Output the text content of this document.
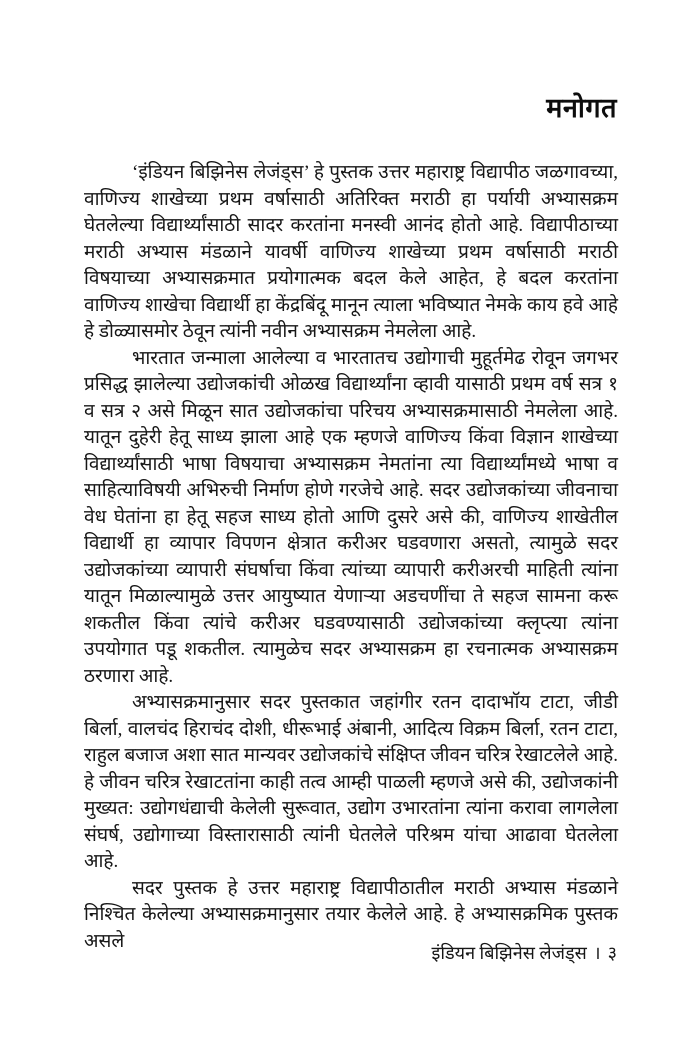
मनोगत

‘इंडियन बिझिनेस लेजंड्स’ हे पुस्तक उत्तर महाराष्ट्र विद्यापीठ जळगावच्या, वाणिज्य शाखेच्या प्रथम वर्षासाठी अतिरिक्त मराठी हा पर्यायी अभ्यासक्रम घेतलेल्या विद्यार्थ्यांसाठी सादर करतांना मनस्वी आनंद होतो आहे. विद्यापीठाच्या मराठी अभ्यास मंडळाने यावर्षी वाणिज्य शाखेच्या प्रथम वर्षासाठी मराठी विषयाच्या अभ्यासक्रमात प्रयोगात्मक बदल केले आहेत, हे बदल करतांना वाणिज्य शाखेचा विद्यार्थी हा केंद्रबिंदू मानून त्याला भविष्यात नेमके काय हवे आहे हे डोळ्यासमोर ठेवून त्यांनी नवीन अभ्यासक्रम नेमलेला आहे.

भारतात जन्माला आलेल्या व भारतातच उद्योगाची मुहूर्तमेढ रोवून जगभर प्रसिद्ध झालेल्या उद्योजकांची ओळख विद्यार्थ्यांना व्हावी यासाठी प्रथम वर्ष सत्र १ व सत्र २ असे मिळून सात उद्योजकांचा परिचय अभ्यासक्रमासाठी नेमलेला आहे. यातून दुहेरी हेतू साध्य झाला आहे एक म्हणजे वाणिज्य किंवा विज्ञान शाखेच्या विद्यार्थ्यांसाठी भाषा विषयाचा अभ्यासक्रम नेमतांना त्या विद्यार्थ्यांमध्ये भाषा व साहित्याविषयी अभिरुची निर्माण होणे गरजेचे आहे. सदर उद्योजकांच्या जीवनाचा वेध घेतांना हा हेतू सहज साध्य होतो आणि दुसरे असे की, वाणिज्य शाखेतील विद्यार्थी हा व्यापार विपणन क्षेत्रात करीअर घडवणारा असतो, त्यामुळे सदर उद्योजकांच्या व्यापारी संघर्षाचा किंवा त्यांच्या व्यापारी करीअरची माहिती त्यांना यातून मिळाल्यामुळे उत्तर आयुष्यात येणाऱ्या अडचणींचा ते सहज सामना करू शकतील किंवा त्यांचे करीअर घडवण्यासाठी उद्योजकांच्या क्लृप्त्या त्यांना उपयोगात पडू शकतील. त्यामुळेच सदर अभ्यासक्रम हा रचनात्मक अभ्यासक्रम ठरणारा आहे.

अभ्यासक्रमानुसार सदर पुस्तकात जहांगीर रतन दादाभॉय टाटा, जीडी बिर्ला, वालचंद हिराचंद दोशी, धीरूभाई अंबानी, आदित्य विक्रम बिर्ला, रतन टाटा, राहुल बजाज अशा सात मान्यवर उद्योजकांचे संक्षिप्त जीवन चरित्र रेखाटलेले आहे. हे जीवन चरित्र रेखाटतांना काही तत्व आम्ही पाळली म्हणजे असे की, उद्योजकांनी मुख्यत: उद्योगधंद्याची केलेली सुरूवात, उद्योग उभारतांना त्यांना करावा लागलेला संघर्ष, उद्योगाच्या विस्तारासाठी त्यांनी घेतलेले परिश्रम यांचा आढावा घेतलेला आहे.

सदर पुस्तक हे उत्तर महाराष्ट्र विद्यापीठातील मराठी अभ्यास मंडळाने निश्चित केलेल्या अभ्यासक्रमानुसार तयार केलेले आहे. हे अभ्यासक्रमिक पुस्तक असले

इंडियन बिझिनेस लेजंड्स । ३
